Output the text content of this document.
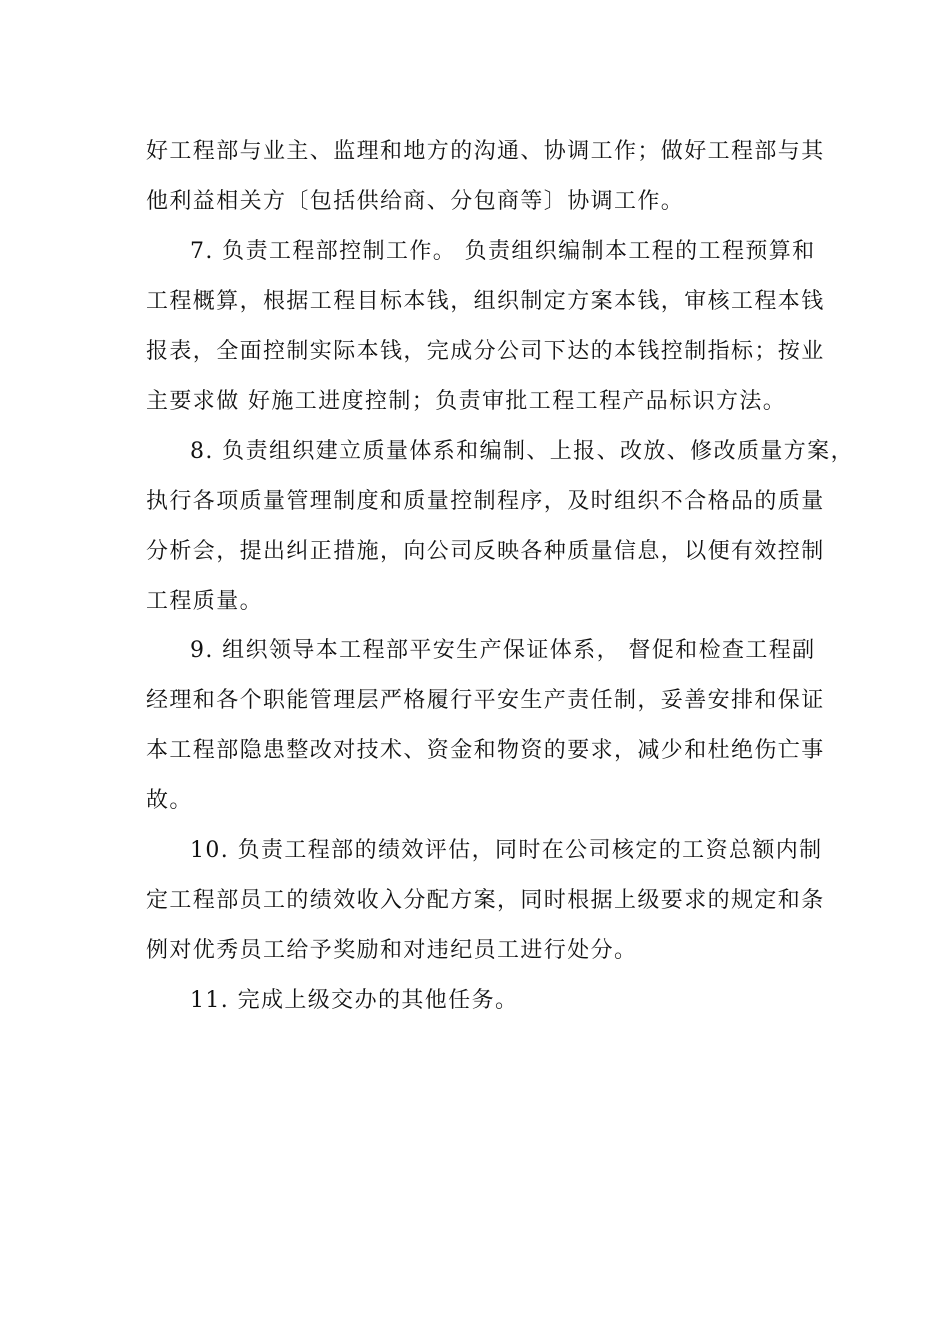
好工程部与业主、监理和地方的沟通、协调工作；做好工程部与其
他利益相关方〔包括供给商、分包商等〕协调工作。
7. 负责工程部控制工作。 负责组织编制本工程的工程预算和
工程概算，根据工程目标本钱，组织制定方案本钱，审核工程本钱
报表，全面控制实际本钱，完成分公司下达的本钱控制指标；按业
主要求做 好施工进度控制；负责审批工程工程产品标识方法。
8. 负责组织建立质量体系和编制、上报、改放、修改质量方案，
执行各项质量管理制度和质量控制程序，及时组织不合格品的质量
分析会，提出纠正措施，向公司反映各种质量信息，以便有效控制
工程质量。
9. 组织领导本工程部平安生产保证体系， 督促和检查工程副
经理和各个职能管理层严格履行平安生产责任制，妥善安排和保证
本工程部隐患整改对技术、资金和物资的要求，减少和杜绝伤亡事
故。
10. 负责工程部的绩效评估，同时在公司核定的工资总额内制
定工程部员工的绩效收入分配方案，同时根据上级要求的规定和条
例对优秀员工给予奖励和对违纪员工进行处分。
11. 完成上级交办的其他任务。
